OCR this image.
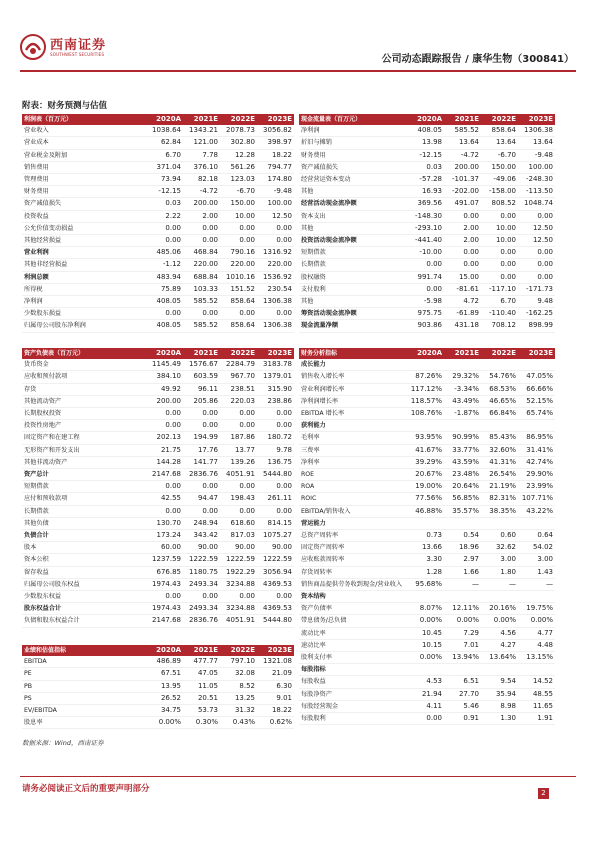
西南证券
SOUTHWEST SECURITIES	公司动态跟踪报告 / 康华生物（300841）
附表：财务预测与估值
利润表（百万元）	2020A	2021E	2022E	2023E
营业收入	1038.64	1343.21	2078.73	3056.82
营业成本	62.84	121.00	302.80	398.97
营业税金及附加	6.70	7.78	12.28	18.22
销售费用	371.04	376.10	561.26	794.77
管理费用	73.94	82.18	123.03	174.80
财务费用	-12.15	-4.72	-6.70	-9.48
资产减值损失	0.03	200.00	150.00	100.00
投资收益	2.22	2.00	10.00	12.50
公允价值变动损益	0.00	0.00	0.00	0.00
其他经营损益	0.00	0.00	0.00	0.00
营业利润	485.06	468.84	790.16	1316.92
其他非经营损益	-1.12	220.00	220.00	220.00
利润总额	483.94	688.84	1010.16	1536.92
所得税	75.89	103.33	151.52	230.54
净利润	408.05	585.52	858.64	1306.38
少数股东损益	0.00	0.00	0.00	0.00
归属母公司股东净利润	408.05	585.52	858.64	1306.38
现金流量表（百万元）	2020A	2021E	2022E	2023E
净利润	408.05	585.52	858.64	1306.38
折旧与摊销	13.98	13.64	13.64	13.64
财务费用	-12.15	-4.72	-6.70	-9.48
资产减值损失	0.03	200.00	150.00	100.00
经营营运资本变动	-57.28	-101.37	-49.06	-248.30
其他	16.93	-202.00	-158.00	-113.50
经营活动现金流净额	369.56	491.07	808.52	1048.74
资本支出	-148.30	0.00	0.00	0.00
其他	-293.10	2.00	10.00	12.50
投资活动现金流净额	-441.40	2.00	10.00	12.50
短期借款	-10.00	0.00	0.00	0.00
长期借款	0.00	0.00	0.00	0.00
股权融资	991.74	15.00	0.00	0.00
支付股利	0.00	-81.61	-117.10	-171.73
其他	-5.98	4.72	6.70	9.48
筹资活动现金流净额	975.75	-61.89	-110.40	-162.25
现金流量净额	903.86	431.18	708.12	898.99
资产负债表（百万元）	2020A	2021E	2022E	2023E
货币资金	1145.49	1576.67	2284.79	3183.78
应收和预付款项	384.10	603.59	967.70	1379.01
存货	49.92	96.11	238.51	315.90
其他流动资产	200.00	205.86	220.03	238.86
长期股权投资	0.00	0.00	0.00	0.00
投资性房地产	0.00	0.00	0.00	0.00
固定资产和在建工程	202.13	194.99	187.86	180.72
无形资产和开发支出	21.75	17.76	13.77	9.78
其他非流动资产	144.28	141.77	139.26	136.75
资产总计	2147.68	2836.76	4051.91	5444.80
短期借款	0.00	0.00	0.00	0.00
应付和预收款项	42.55	94.47	198.43	261.11
长期借款	0.00	0.00	0.00	0.00
其他负债	130.70	248.94	618.60	814.15
负债合计	173.24	343.42	817.03	1075.27
股本	60.00	90.00	90.00	90.00
资本公积	1237.59	1222.59	1222.59	1222.59
留存收益	676.85	1180.75	1922.29	3056.94
归属母公司股东权益	1974.43	2493.34	3234.88	4369.53
少数股东权益	0.00	0.00	0.00	0.00
股东权益合计	1974.43	2493.34	3234.88	4369.53
负债和股东权益合计	2147.68	2836.76	4051.91	5444.80
财务分析指标	2020A	2021E	2022E	2023E
成长能力				
销售收入增长率	87.26%	29.32%	54.76%	47.05%
营业利润增长率	117.12%	-3.34%	68.53%	66.66%
净利润增长率	118.57%	43.49%	46.65%	52.15%
EBITDA 增长率	108.76%	-1.87%	66.84%	65.74%
获利能力				
毛利率	93.95%	90.99%	85.43%	86.95%
三费率	41.67%	33.77%	32.60%	31.41%
净利率	39.29%	43.59%	41.31%	42.74%
ROE	20.67%	23.48%	26.54%	29.90%
ROA	19.00%	20.64%	21.19%	23.99%
ROIC	77.56%	56.85%	82.31%	107.71%
EBITDA/销售收入	46.88%	35.57%	38.35%	43.22%
营运能力				
总资产周转率	0.73	0.54	0.60	0.64
固定资产周转率	13.66	18.96	32.62	54.02
应收账款周转率	3.30	2.97	3.00	3.00
存货周转率	1.28	1.66	1.80	1.43
销售商品提供劳务收到现金/营业收入	95.68%	—	—	—
资本结构				
资产负债率	8.07%	12.11%	20.16%	19.75%
带息债务/总负债	0.00%	0.00%	0.00%	0.00%
流动比率	10.45	7.29	4.56	4.77
速动比率	10.15	7.01	4.27	4.48
股利支付率	0.00%	13.94%	13.64%	13.15%
每股指标				
每股收益	4.53	6.51	9.54	14.52
每股净资产	21.94	27.70	35.94	48.55
每股经营现金	4.11	5.46	8.98	11.65
每股股利	0.00	0.91	1.30	1.91
业绩和估值指标	2020A	2021E	2022E	2023E
EBITDA	486.89	477.77	797.10	1321.08
PE	67.51	47.05	32.08	21.09
PB	13.95	11.05	8.52	6.30
PS	26.52	20.51	13.25	9.01
EV/EBITDA	34.75	53.73	31.32	18.22
股息率	0.00%	0.30%	0.43%	0.62%
数据来源：Wind，西南证券
请务必阅读正文后的重要声明部分	2
